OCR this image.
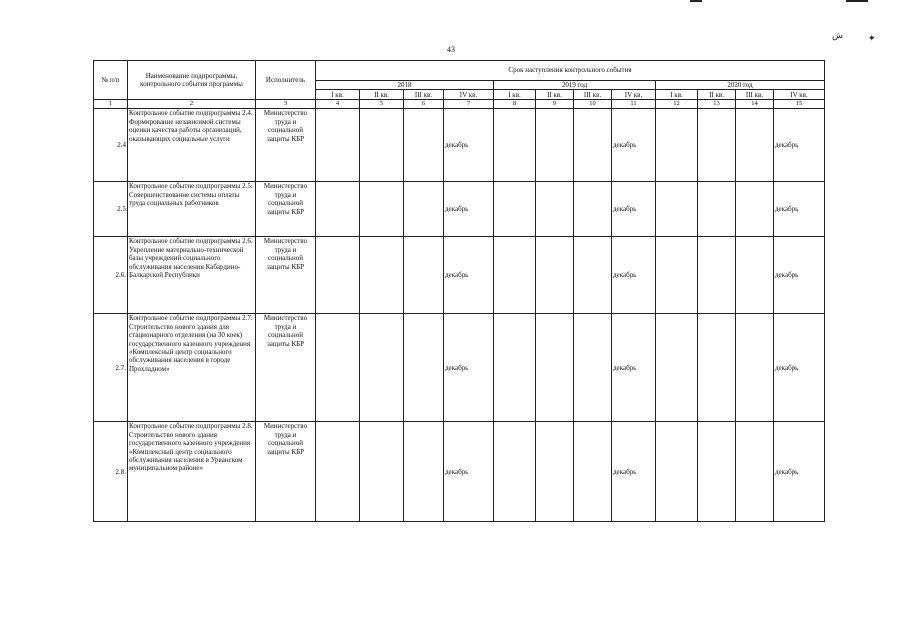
ش	✦
43
№ п/п	Наименование подпрограммы, контрольного события программы	Исполнитель	Срок наступления контрольного события											
			2018				2019 год				2020 год			
			I кв.	II кв.	III кв.	IV кв.	I кв.	II кв.	III кв.	IV кв.	I кв.	II кв.	III кв.	IV кв.
1	2	3	4	5	6	7	8	9	10	11	12	13	14	15
2.4	Контрольное событие подпрограммы 2.4. Формирование независимой системы оценки качества работы организаций, оказывающих социальные услуги	Министерство труда и социальной защиты КБР				декабрь				декабрь				декабрь
2.5	Контрольное событие подпрограммы 2.5. Совершенствование системы оплаты труда социальных работников	Министерство труда и социальной защиты КБР				декабрь				декабрь				декабрь
2.6.	Контрольное событие подпрограммы 2.6. Укрепление материально-технической базы учреждений социального обслуживания населения Кабардино-Балкарской Республики	Министерство труда и социальной защиты КБР				декабрь				декабрь				декабрь
2.7.	Контрольное событие подпрограммы 2.7. Строительство нового здания для стационарного отделения (на 30 коек) государственного казенного учреждения «Комплексный центр социального обслуживания населения в городе Прохладном»	Министерство труда и социальной защиты КБР				декабрь				декабрь				декабрь
2.8.	Контрольное событие подпрограммы 2.8. Строительство нового здания государственного казенного учреждения «Комплексный центр социального обслуживания населения в Урванском муниципальном районе»	Министерство труда и социальной защиты КБР				декабрь				декабрь				декабрь
